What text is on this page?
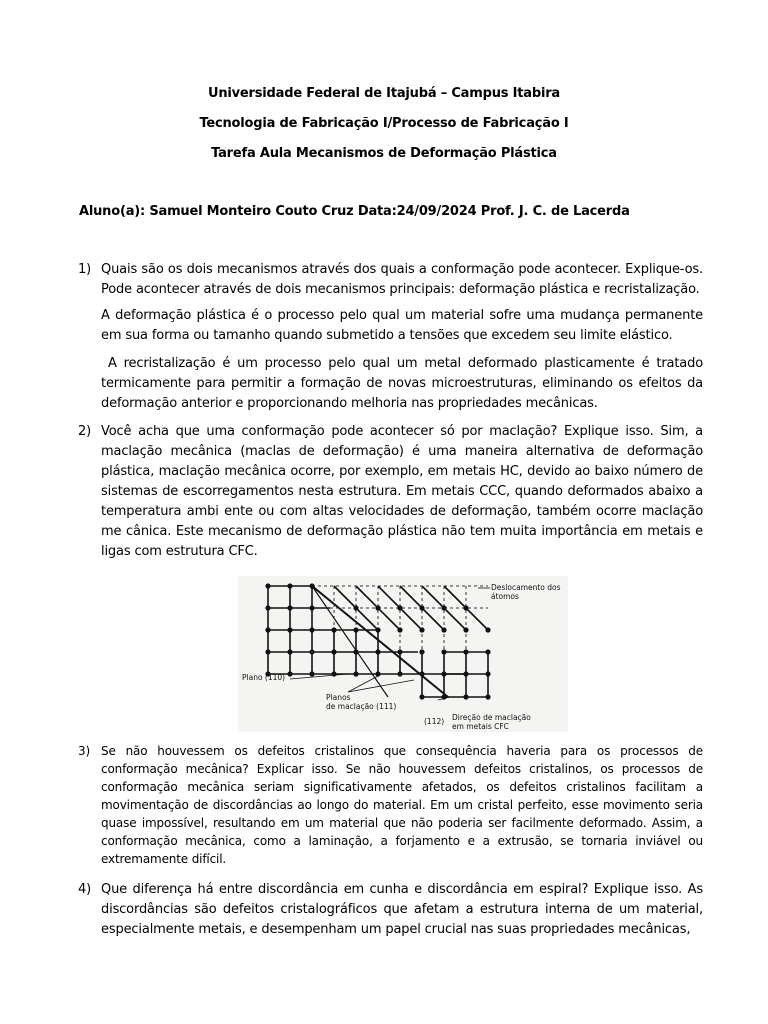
Universidade Federal de Itajubá – Campus Itabira
Tecnologia de Fabricação I/Processo de Fabricação I
Tarefa Aula Mecanismos de Deformação Plástica
Aluno(a): Samuel Monteiro Couto Cruz Data:24/09/2024 Prof. J. C. de Lacerda
1) Quais são os dois mecanismos através dos quais a conformação pode acontecer. Explique-os. Pode acontecer através de dois mecanismos principais: deformação plástica e recristalização.
A deformação plástica é o processo pelo qual um material sofre uma mudança permanente em sua forma ou tamanho quando submetido a tensões que excedem seu limite elástico.
A recristalização é um processo pelo qual um metal deformado plasticamente é tratado termicamente para permitir a formação de novas microestruturas, eliminando os efeitos da deformação anterior e proporcionando melhoria nas propriedades mecânicas.
2) Você acha que uma conformação pode acontecer só por maclação? Explique isso. Sim, a maclação mecânica (maclas de deformação) é uma maneira alternativa de deformação plástica, maclação mecânica ocorre, por exemplo, em metais HC, devido ao baixo número de sistemas de escorregamentos nesta estrutura. Em metais CCC, quando deformados abaixo a temperatura ambi ente ou com altas velocidades de deformação, também ocorre maclação me cânica. Este mecanismo de deformação plástica não tem muita importância em metais e ligas com estrutura CFC.
Deslocamento dos
átomos
Plano (110)
Planos
de maclação (111)
(112) Direção de maclação
em metais CFC
3) Se não houvessem os defeitos cristalinos que consequência haveria para os processos de conformação mecânica? Explicar isso. Se não houvessem defeitos cristalinos, os processos de conformação mecânica seriam significativamente afetados, os defeitos cristalinos facilitam a movimentação de discordâncias ao longo do material. Em um cristal perfeito, esse movimento seria quase impossível, resultando em um material que não poderia ser facilmente deformado. Assim, a conformação mecânica, como a laminação, a forjamento e a extrusão, se tornaria inviável ou extremamente difícil.
4) Que diferença há entre discordância em cunha e discordância em espiral? Explique isso. As discordâncias são defeitos cristalográficos que afetam a estrutura interna de um material, especialmente metais, e desempenham um papel crucial nas suas propriedades mecânicas,
